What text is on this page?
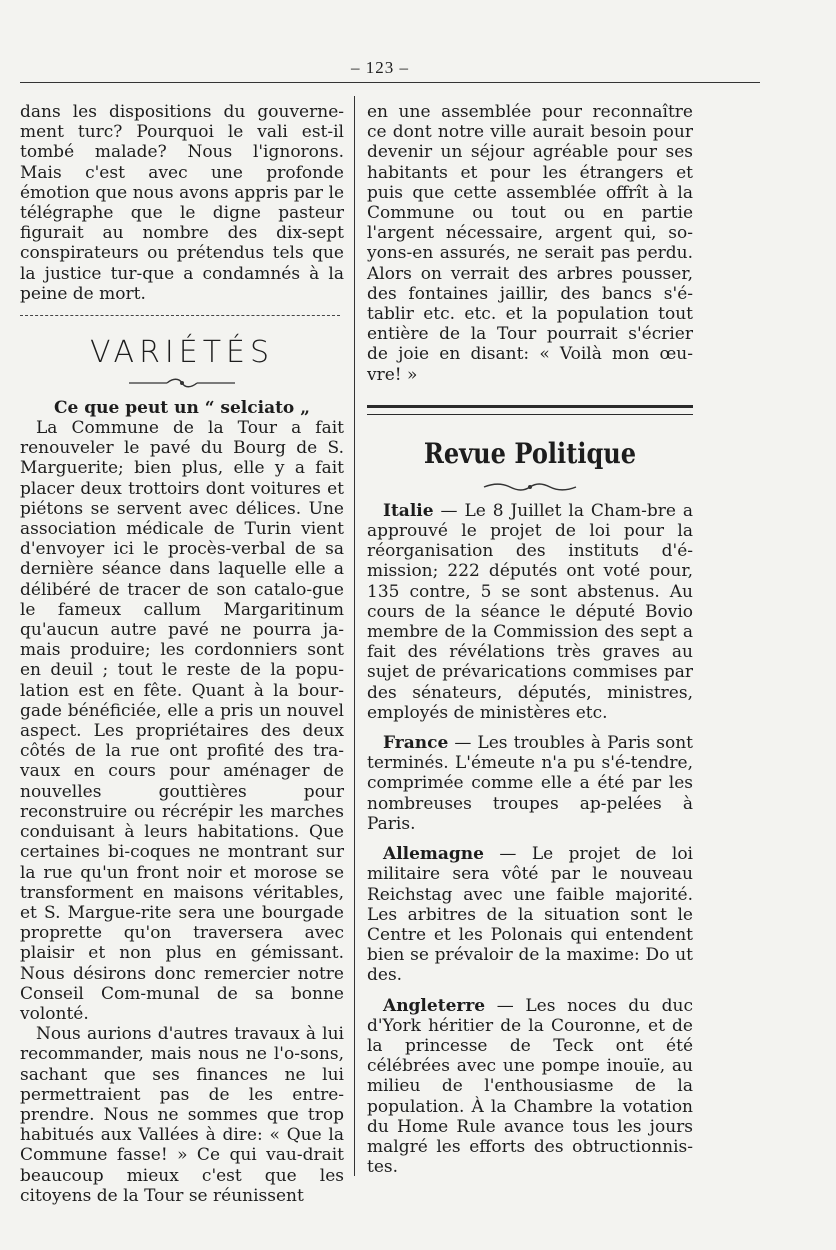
– 123 –

dans les dispositions du gouverne-ment turc? Pourquoi le vali est-il tombé malade? Nous l'ignorons. Mais c'est avec une profonde émotion que nous avons appris par le télégraphe que le digne pasteur figurait au nombre des dix-sept conspirateurs ou prétendus tels que la justice tur-que a condamnés à la peine de mort.

VARIÉTÉS
Ce que peut un “ selciato „

La Commune de la Tour a fait renouveler le pavé du Bourg de S. Marguerite; bien plus, elle y a fait placer deux trottoirs dont voitures et piétons se servent avec délices. Une association médicale de Turin vient d'envoyer ici le procès-verbal de sa dernière séance dans laquelle elle a délibéré de tracer de son catalo-gue le fameux callum Margaritinum qu'aucun autre pavé ne pourra ja-mais produire; les cordonniers sont en deuil ; tout le reste de la popu-lation est en fête. Quant à la bour-gade bénéficiée, elle a pris un nouvel aspect. Les propriétaires des deux côtés de la rue ont profité des tra-vaux en cours pour aménager de nouvelles gouttières pour reconstruire ou récrépir les marches conduisant à leurs habitations. Que certaines bi-coques ne montrant sur la rue qu'un front noir et morose se transforment en maisons véritables, et S. Margue-rite sera une bourgade proprette qu'on traversera avec plaisir et non plus en gémissant. Nous désirons donc remercier notre Conseil Com-munal de sa bonne volonté.

Nous aurions d'autres travaux à lui recommander, mais nous ne l'o-sons, sachant que ses finances ne lui permettraient pas de les entre-prendre. Nous ne sommes que trop habitués aux Vallées à dire: « Que la Commune fasse! » Ce qui vau-drait beaucoup mieux c'est que les citoyens de la Tour se réunissent

en une assemblée pour reconnaître ce dont notre ville aurait besoin pour devenir un séjour agréable pour ses habitants et pour les étrangers et puis que cette assemblée offrît à la Commune ou tout ou en partie l'argent nécessaire, argent qui, so-yons-en assurés, ne serait pas perdu. Alors on verrait des arbres pousser, des fontaines jaillir, des bancs s'é-tablir etc. etc. et la population tout entière de la Tour pourrait s'écrier de joie en disant: « Voilà mon œu-vre! »

Revue Politique

Italie — Le 8 Juillet la Cham-bre a approuvé le projet de loi pour la réorganisation des instituts d'é-mission; 222 députés ont voté pour, 135 contre, 5 se sont abstenus. Au cours de la séance le député Bovio membre de la Commission des sept a fait des révélations très graves au sujet de prévarications commises par des sénateurs, députés, ministres, employés de ministères etc.

France — Les troubles à Paris sont terminés. L'émeute n'a pu s'é-tendre, comprimée comme elle a été par les nombreuses troupes ap-pelées à Paris.

Allemagne — Le projet de loi militaire sera vôté par le nouveau Reichstag avec une faible majorité. Les arbitres de la situation sont le Centre et les Polonais qui entendent bien se prévaloir de la maxime: Do ut des.

Angleterre — Les noces du duc d'York héritier de la Couronne, et de la princesse de Teck ont été célébrées avec une pompe inouïe, au milieu de l'enthousiasme de la population. À la Chambre la votation du Home Rule avance tous les jours malgré les efforts des obtructionnis-tes.
